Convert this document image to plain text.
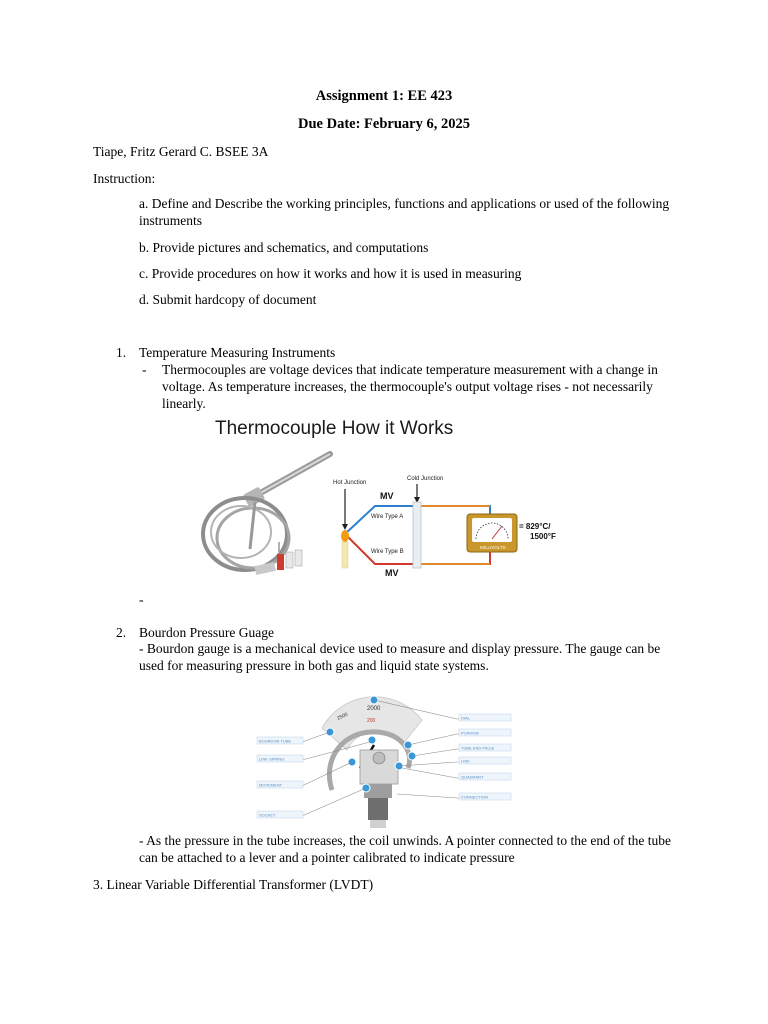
Assignment 1: EE 423
Due Date: February 6, 2025
Tiape, Fritz Gerard C. BSEE 3A
Instruction:
a. Define and Describe the working principles, functions and applications or used of the following instruments
b. Provide pictures and schematics, and computations
c. Provide procedures on how it works and how it is used in measuring
d. Submit hardcopy of document
1. Temperature Measuring Instruments
- Thermocouples are voltage devices that indicate temperature measurement with a change in voltage. As temperature increases, the thermocouple's output voltage rises - not necessarily linearly.
Thermocouple How it Works
Hot Junction
Cold Junction
MV
Wire Type A
Wire Type B
MV
MILLIVOLTS
= 829°C/
1500°F
-
2. Bourdon Pressure Guage
- Bourdon gauge is a mechanical device used to measure and display pressure. The gauge can be used for measuring pressure in both gas and liquid state systems.
2000
2500	200
BOURDON TUBE
LINK SPRING
MOVEMENT
SOCKET
DIAL
POINTER
TUBE END PIECE
LINK
QUADRANT
CONNECTION
- As the pressure in the tube increases, the coil unwinds. A pointer connected to the end of the tube can be attached to a lever and a pointer calibrated to indicate pressure
3. Linear Variable Differential Transformer (LVDT)
